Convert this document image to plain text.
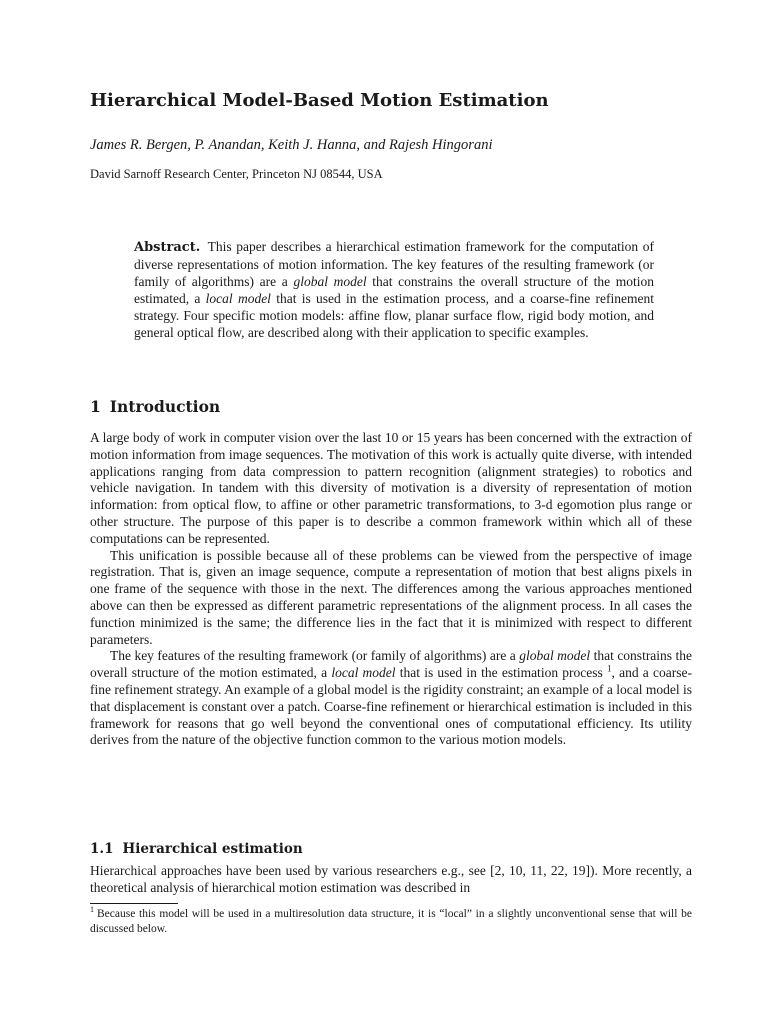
Hierarchical Model-Based Motion Estimation
James R. Bergen, P. Anandan, Keith J. Hanna, and Rajesh Hingorani
David Sarnoff Research Center, Princeton NJ 08544, USA
Abstract. This paper describes a hierarchical estimation framework for the computation of diverse representations of motion information. The key features of the resulting framework (or family of algorithms) are a global model that constrains the overall structure of the motion estimated, a local model that is used in the estimation process, and a coarse-fine refinement strategy. Four specific motion models: affine flow, planar surface flow, rigid body motion, and general optical flow, are described along with their application to specific examples.
1 Introduction

A large body of work in computer vision over the last 10 or 15 years has been concerned with the extraction of motion information from image sequences. The motivation of this work is actually quite diverse, with intended applications ranging from data compression to pattern recognition (alignment strategies) to robotics and vehicle navigation. In tandem with this diversity of motivation is a diversity of representation of motion information: from optical flow, to affine or other parametric transformations, to 3-d egomotion plus range or other structure. The purpose of this paper is to describe a common framework within which all of these computations can be represented.

This unification is possible because all of these problems can be viewed from the perspective of image registration. That is, given an image sequence, compute a representation of motion that best aligns pixels in one frame of the sequence with those in the next. The differences among the various approaches mentioned above can then be expressed as different parametric representations of the alignment process. In all cases the function minimized is the same; the difference lies in the fact that it is minimized with respect to different parameters.

The key features of the resulting framework (or family of algorithms) are a global model that constrains the overall structure of the motion estimated, a local model that is used in the estimation process $^1$, and a coarse-fine refinement strategy. An example of a global model is the rigidity constraint; an example of a local model is that displacement is constant over a patch. Coarse-fine refinement or hierarchical estimation is included in this framework for reasons that go well beyond the conventional ones of computational efficiency. Its utility derives from the nature of the objective function common to the various motion models.

1.1 Hierarchical estimation

Hierarchical approaches have been used by various researchers e.g., see [2, 10, 11, 22, 19]). More recently, a theoretical analysis of hierarchical motion estimation was described in

$^1$ Because this model will be used in a multiresolution data structure, it is “local” in a slightly unconventional sense that will be discussed below.
